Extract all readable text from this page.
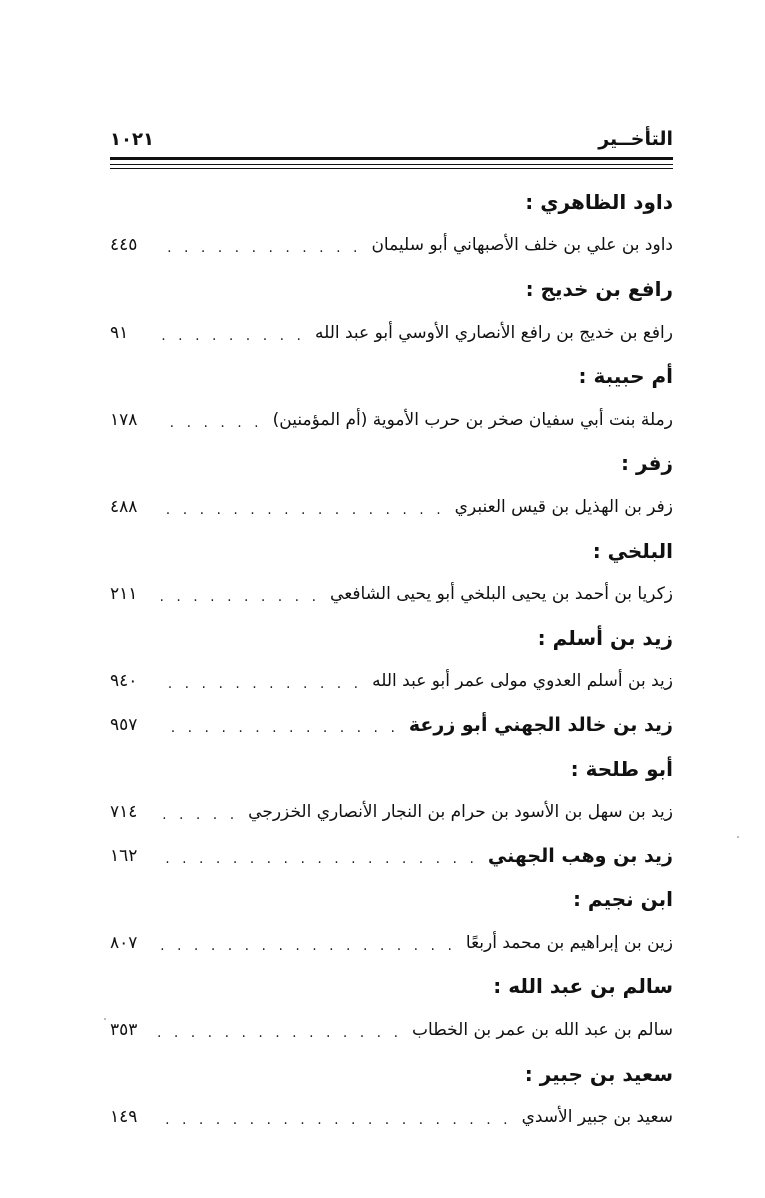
التأخــير
١٠٢١
داود الظاهري :
داود بن علي بن خلف الأصبهاني أبو سليمان
. . .
٤٤٥
رافع بن خديج :
رافع بن خديج بن رافع الأنصاري الأوسي أبو عبد الله
. . .
٩١
أم حبيبة :
رملة بنت أبي سفيان صخر بن حرب الأموية (أم المؤمنين)
. . .
١٧٨
زفر :
زفر بن الهذيل بن قيس العنبري
. . .
٤٨٨
البلخي :
زكريا بن أحمد بن يحيى البلخي أبو يحيى الشافعي
. . .
٢١١
زيد بن أسلم :
زيد بن أسلم العدوي مولى عمر أبو عبد الله
. . .
٩٤٠
زيد بن خالد الجهني أبو زرعة
. . .
٩٥٧
أبو طلحة :
زيد بن سهل بن الأسود بن حرام بن النجار الأنصاري الخزرجي
. . .
٧١٤
زيد بن وهب الجهني
. . .
١٦٢
ابن نجيم :
زين بن إبراهيم بن محمد أربعًا
. . .
٨٠٧
سالم بن عبد الله :
سالم بن عبد الله بن عمر بن الخطاب
. . .
٣٥٣
سعيد بن جبير :
سعيد بن جبير الأسدي
. . .
١٤٩
